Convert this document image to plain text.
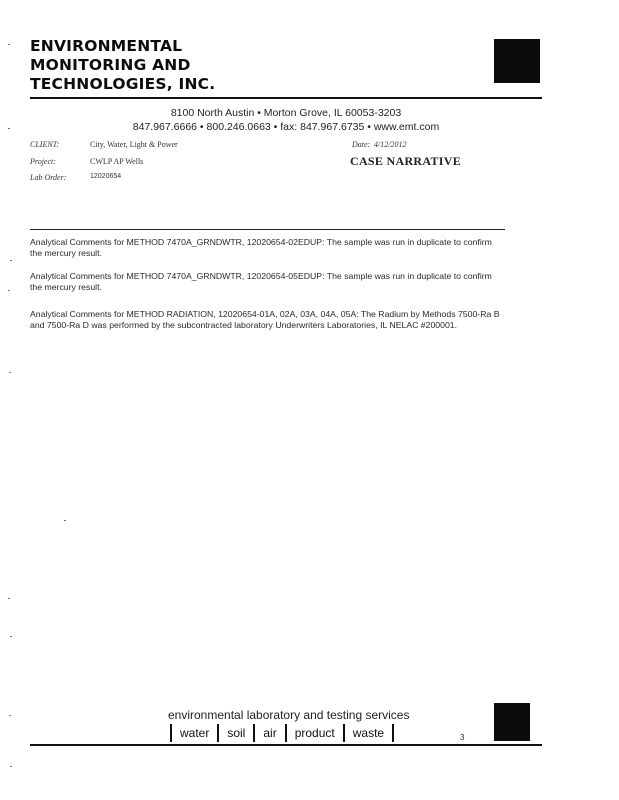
ENVIRONMENTAL
MONITORING AND
TECHNOLOGIES, INC.
8100 North Austin • Morton Grove, IL 60053-3203
847.967.6666 • 800.246.0663 • fax: 847.967.6735 • www.emt.com
CLIENT:	City, Water, Light & Power	Date: 4/12/2012
Project:	CWLP AP Wells	CASE NARRATIVE
Lab Order:	12020654
Analytical Comments for METHOD 7470A_GRNDWTR, 12020654-02EDUP: The sample was run in duplicate to confirm the mercury result.
Analytical Comments for METHOD 7470A_GRNDWTR, 12020654-05EDUP: The sample was run in duplicate to confirm the mercury result.
Analytical Comments for METHOD RADIATION, 12020654-01A, 02A, 03A, 04A, 05A: The Radium by Methods 7500-Ra B and 7500-Ra D was performed by the subcontracted laboratory Underwriters Laboratories, IL NELAC #200001.
environmental laboratory and testing services
water	soil	air	product	waste	3
